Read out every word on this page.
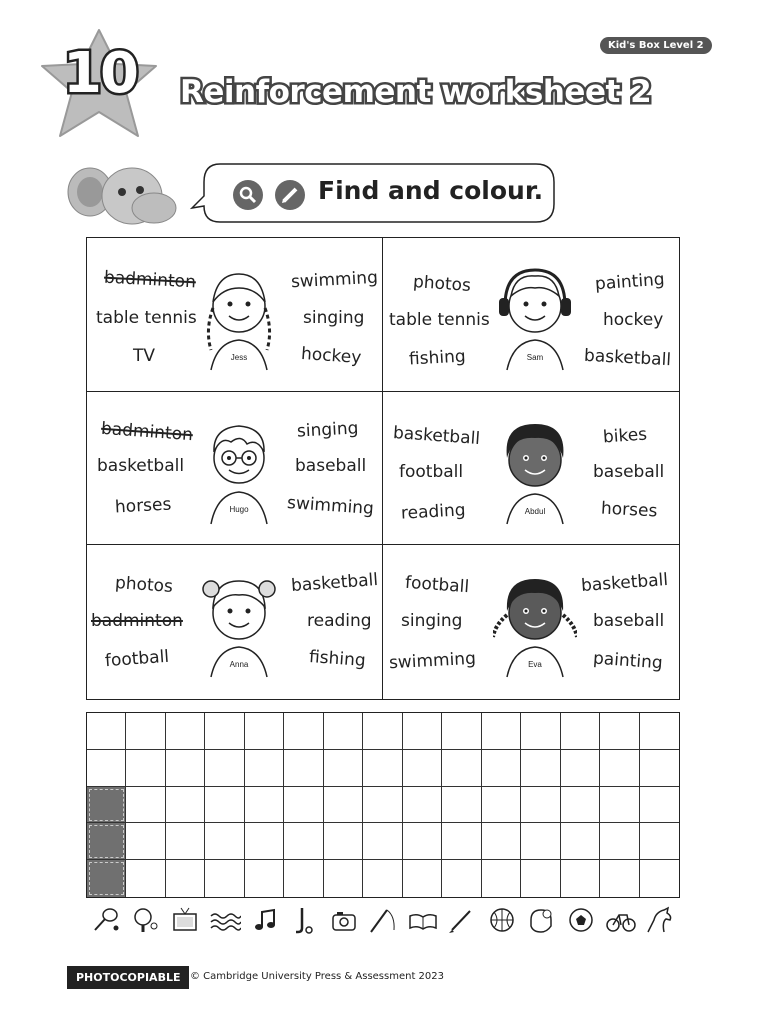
10 Reinforcement worksheet 2
Kid's Box Level 2
Find and colour.
badminton
table tennis
TV	Jess
swimming
singing
hockey
photos
table tennis
fishing	Sam
painting
hockey
basketball
badminton
basketball
horses	Hugo
singing
baseball
swimming
basketball
football
reading	Abdul
bikes
baseball
horses
photos
badminton
football	Anna
basketball
reading
fishing
football
singing
swimming	Eva
basketball
baseball
painting
PHOTOCOPIABLE © Cambridge University Press & Assessment 2023
